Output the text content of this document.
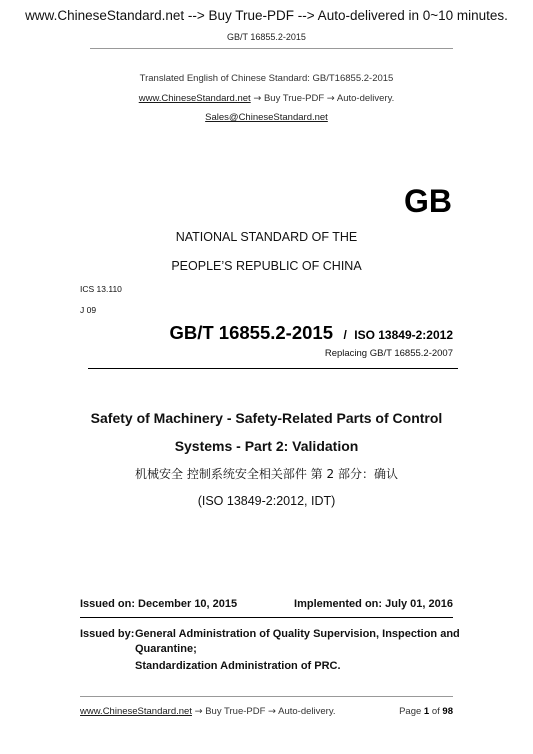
www.ChineseStandard.net --> Buy True-PDF --> Auto-delivered in 0~10 minutes.
GB/T 16855.2-2015
Translated English of Chinese Standard: GB/T16855.2-2015
www.ChineseStandard.net → Buy True-PDF → Auto-delivery.
Sales@ChineseStandard.net
GB
NATIONAL STANDARD OF THE
PEOPLE’S REPUBLIC OF CHINA
ICS 13.110
J 09
GB/T 16855.2-2015 / ISO 13849-2:2012
Replacing GB/T 16855.2-2007
Safety of Machinery - Safety-Related Parts of Control
Systems - Part 2: Validation
机械安全 控制系统安全相关部件 第 2 部分：确认
(ISO 13849-2:2012, IDT)
Issued on: December 10, 2015	Implemented on: July 01, 2016
Issued by: General Administration of Quality Supervision, Inspection and
Quarantine;
Standardization Administration of PRC.
www.ChineseStandard.net → Buy True-PDF → Auto-delivery.	Page 1 of 98
